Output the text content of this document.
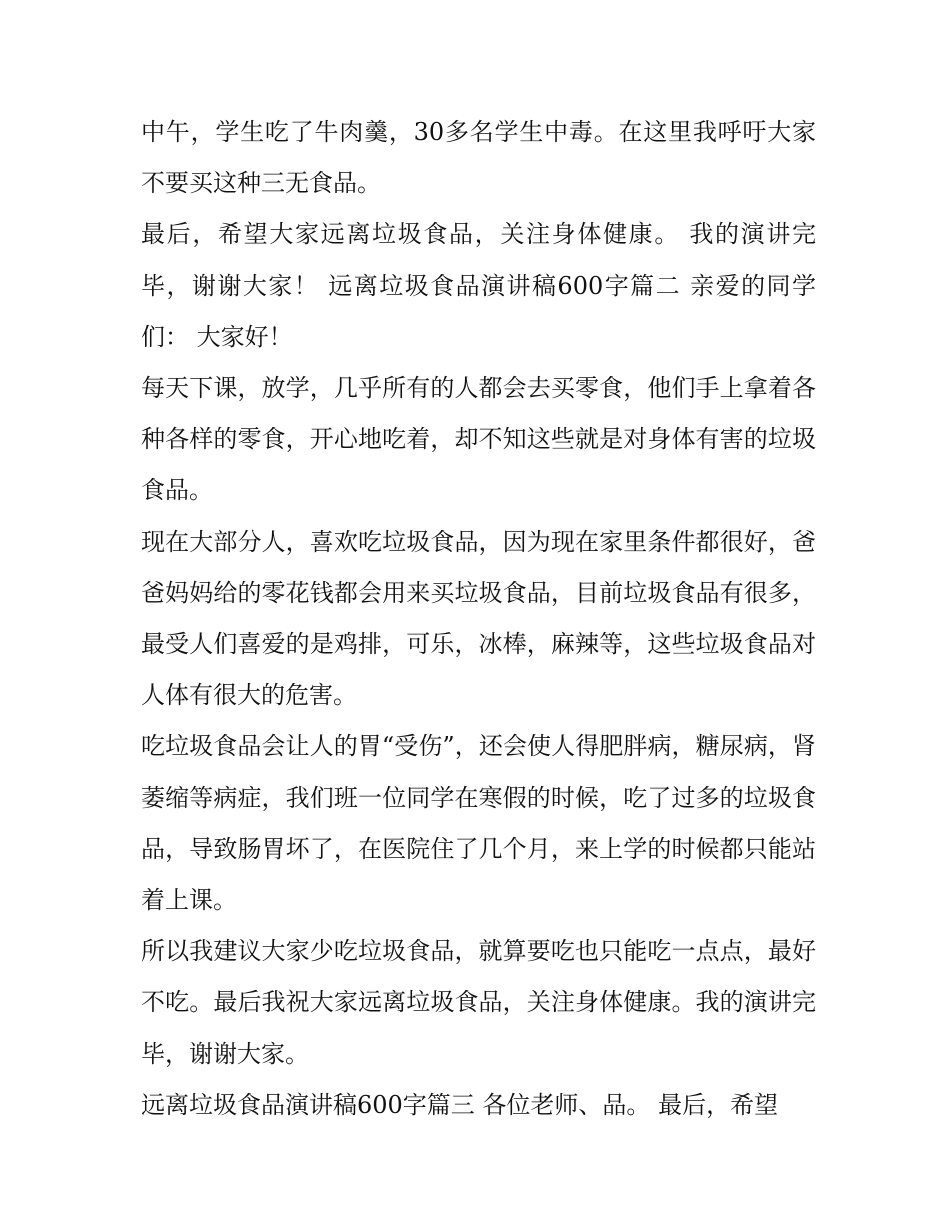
中午，学生吃了牛肉羹，30多名学生中毒。在这里我呼吁大家不要买这种三无食品。

最后，希望大家远离垃圾食品，关注身体健康。 我的演讲完毕，谢谢大家！ 远离垃圾食品演讲稿600字篇二 亲爱的同学们： 大家好！

每天下课，放学，几乎所有的人都会去买零食，他们手上拿着各种各样的零食，开心地吃着，却不知这些就是对身体有害的垃圾食品。

现在大部分人，喜欢吃垃圾食品，因为现在家里条件都很好，爸爸妈妈给的零花钱都会用来买垃圾食品，目前垃圾食品有很多，最受人们喜爱的是鸡排，可乐，冰棒，麻辣等，这些垃圾食品对人体有很大的危害。

吃垃圾食品会让人的胃“受伤”，还会使人得肥胖病，糖尿病，肾萎缩等病症，我们班一位同学在寒假的时候，吃了过多的垃圾食品，导致肠胃坏了，在医院住了几个月，来上学的时候都只能站着上课。

所以我建议大家少吃垃圾食品，就算要吃也只能吃一点点，最好不吃。最后我祝大家远离垃圾食品，关注身体健康。我的演讲完毕，谢谢大家。

远离垃圾食品演讲稿600字篇三 各位老师、品。 最后，希望
